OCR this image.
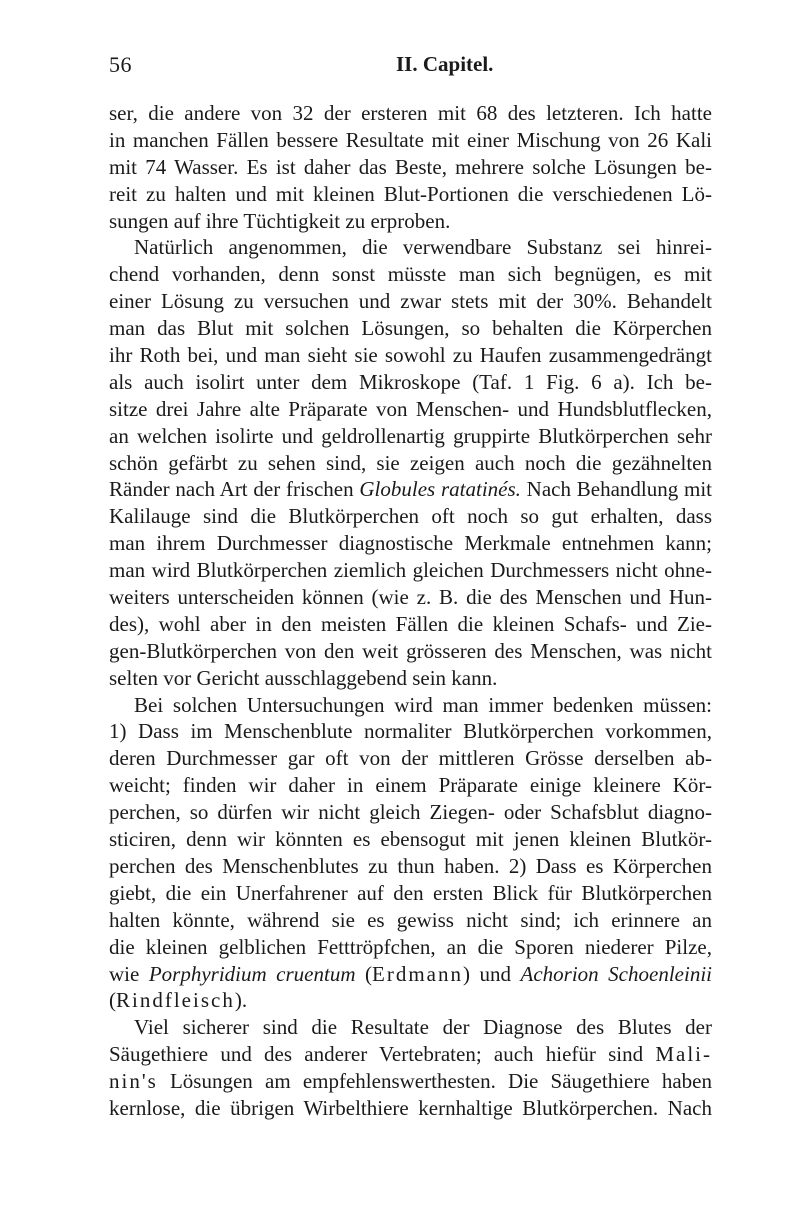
56	II. Capitel.
ser, die andere von 32 der ersteren mit 68 des letzteren. Ich hatte
in manchen Fällen bessere Resultate mit einer Mischung von 26 Kali
mit 74 Wasser. Es ist daher das Beste, mehrere solche Lösungen be-
reit zu halten und mit kleinen Blut-Portionen die verschiedenen Lö-
sungen auf ihre Tüchtigkeit zu erproben.
Natürlich angenommen, die verwendbare Substanz sei hinrei-
chend vorhanden, denn sonst müsste man sich begnügen, es mit
einer Lösung zu versuchen und zwar stets mit der 30%. Behandelt
man das Blut mit solchen Lösungen, so behalten die Körperchen
ihr Roth bei, und man sieht sie sowohl zu Haufen zusammengedrängt
als auch isolirt unter dem Mikroskope (Taf. 1 Fig. 6 a). Ich be-
sitze drei Jahre alte Präparate von Menschen- und Hundsblutflecken,
an welchen isolirte und geldrollenartig gruppirte Blutkörperchen sehr
schön gefärbt zu sehen sind, sie zeigen auch noch die gezähnelten
Ränder nach Art der frischen Globules ratatinés. Nach Behandlung mit
Kalilauge sind die Blutkörperchen oft noch so gut erhalten, dass
man ihrem Durchmesser diagnostische Merkmale entnehmen kann;
man wird Blutkörperchen ziemlich gleichen Durchmessers nicht ohne-
weiters unterscheiden können (wie z. B. die des Menschen und Hun-
des), wohl aber in den meisten Fällen die kleinen Schafs- und Zie-
gen-Blutkörperchen von den weit grösseren des Menschen, was nicht
selten vor Gericht ausschlaggebend sein kann.
Bei solchen Untersuchungen wird man immer bedenken müssen:
1) Dass im Menschenblute normaliter Blutkörperchen vorkommen,
deren Durchmesser gar oft von der mittleren Grösse derselben ab-
weicht; finden wir daher in einem Präparate einige kleinere Kör-
perchen, so dürfen wir nicht gleich Ziegen- oder Schafsblut diagno-
sticiren, denn wir könnten es ebensogut mit jenen kleinen Blutkör-
perchen des Menschenblutes zu thun haben. 2) Dass es Körperchen
giebt, die ein Unerfahrener auf den ersten Blick für Blutkörperchen
halten könnte, während sie es gewiss nicht sind; ich erinnere an
die kleinen gelblichen Fetttröpfchen, an die Sporen niederer Pilze,
wie Porphyridium cruentum (Erdmann) und Achorion Schoenleinii
(Rindfleisch).
Viel sicherer sind die Resultate der Diagnose des Blutes der
Säugethiere und des anderer Vertebraten; auch hiefür sind Mali-
nin's Lösungen am empfehlenswerthesten. Die Säugethiere haben
kernlose, die übrigen Wirbelthiere kernhaltige Blutkörperchen. Nach
